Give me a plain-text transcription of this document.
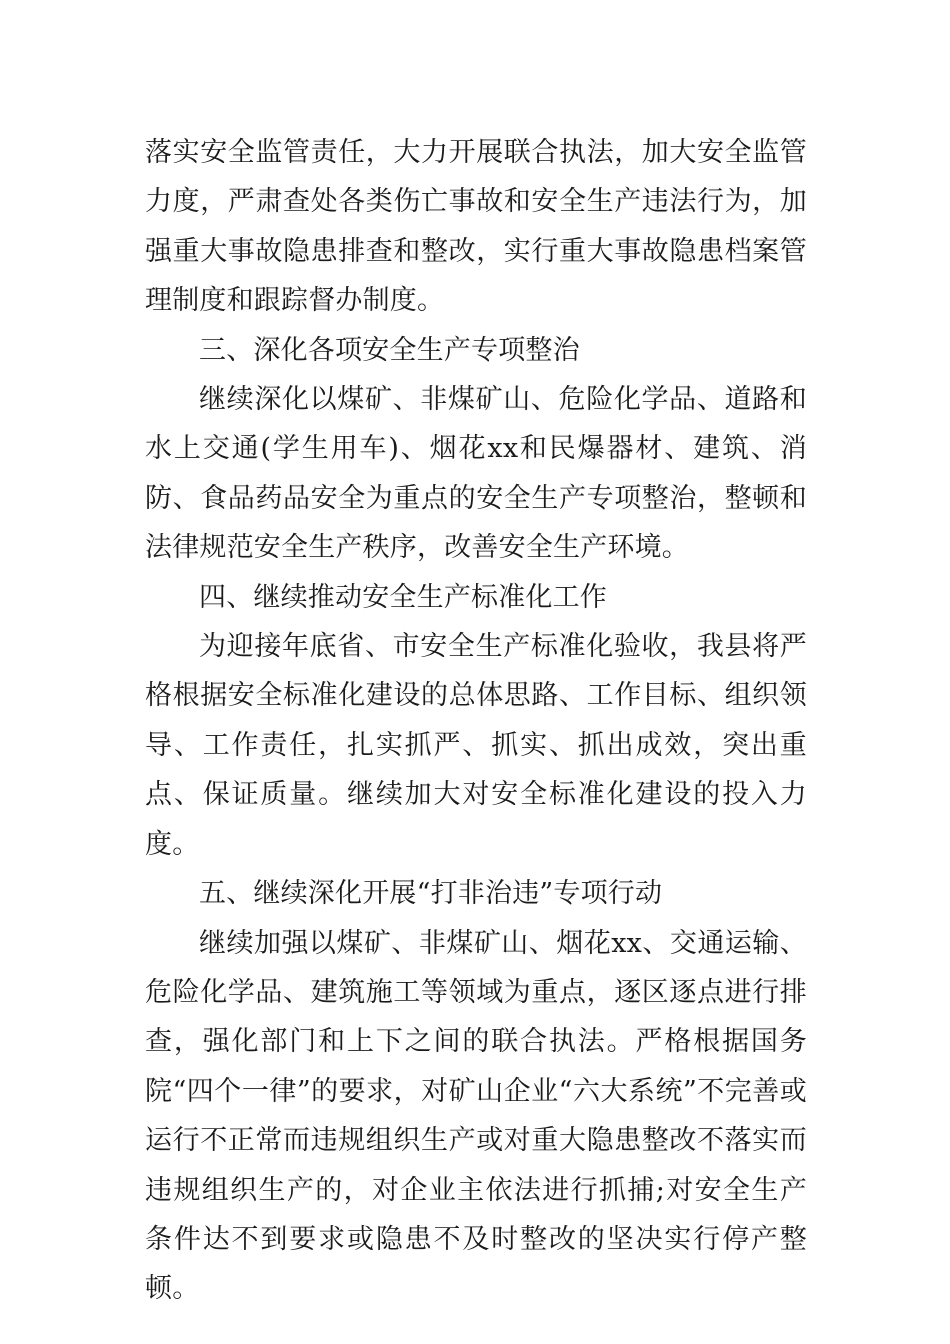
落实安全监管责任，大力开展联合执法，加大安全监管力度，严肃查处各类伤亡事故和安全生产违法行为，加强重大事故隐患排查和整改，实行重大事故隐患档案管理制度和跟踪督办制度。

三、深化各项安全生产专项整治

继续深化以煤矿、非煤矿山、危险化学品、道路和水上交通(学生用车)、烟花xx和民爆器材、建筑、消防、食品药品安全为重点的安全生产专项整治，整顿和法律规范安全生产秩序，改善安全生产环境。

四、继续推动安全生产标准化工作

为迎接年底省、市安全生产标准化验收，我县将严格根据安全标准化建设的总体思路、工作目标、组织领导、工作责任，扎实抓严、抓实、抓出成效，突出重点、保证质量。继续加大对安全标准化建设的投入力度。

五、继续深化开展“打非治违”专项行动

继续加强以煤矿、非煤矿山、烟花xx、交通运输、危险化学品、建筑施工等领域为重点，逐区逐点进行排查，强化部门和上下之间的联合执法。严格根据国务院“四个一律”的要求，对矿山企业“六大系统”不完善或运行不正常而违规组织生产或对重大隐患整改不落实而违规组织生产的，对企业主依法进行抓捕;对安全生产条件达不到要求或隐患不及时整改的坚决实行停产整顿。
